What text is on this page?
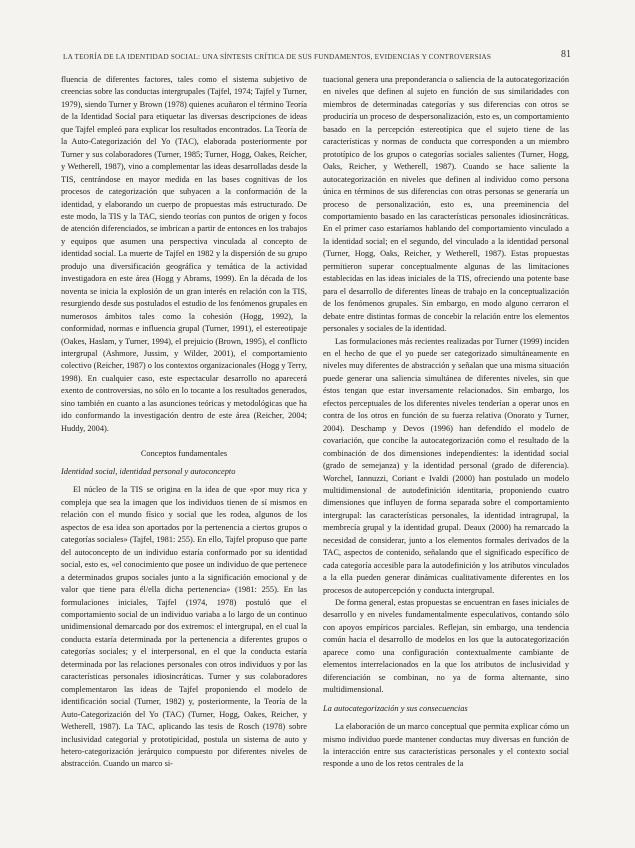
LA TEORÍA DE LA IDENTIDAD SOCIAL: UNA SÍNTESIS CRÍTICA DE SUS FUNDAMENTOS, EVIDENCIAS Y CONTROVERSIAS	81

fluencia de diferentes factores, tales como el sistema subjetivo de creencias sobre las conductas intergrupales (Tajfel, 1974; Tajfel y Turner, 1979), siendo Turner y Brown (1978) quienes acuñaron el término Teoría de la Identidad Social para etiquetar las diversas descripciones de ideas que Tajfel empleó para explicar los resultados encontrados. La Teoría de la Auto-Categorización del Yo (TAC), elaborada posteriormente por Turner y sus colaboradores (Turner, 1985; Turner, Hogg, Oakes, Reicher, y Wetherell, 1987), vino a complementar las ideas desarrolladas desde la TIS, centrándose en mayor medida en las bases cognitivas de los procesos de categorización que subyacen a la conformación de la identidad, y elaborando un cuerpo de propuestas más estructurado. De este modo, la TIS y la TAC, siendo teorías con puntos de origen y focos de atención diferenciados, se imbrican a partir de entonces en los trabajos y equipos que asumen una perspectiva vinculada al concepto de identidad social. La muerte de Tajfel en 1982 y la dispersión de su grupo produjo una diversificación geográfica y temática de la actividad investigadora en este área (Hogg y Abrams, 1999). En la década de los noventa se inicia la explosión de un gran interés en relación con la TIS, resurgiendo desde sus postulados el estudio de los fenómenos grupales en numerosos ámbitos tales como la cohesión (Hogg, 1992), la conformidad, normas e influencia grupal (Turner, 1991), el estereotipaje (Oakes, Haslam, y Turner, 1994), el prejuicio (Brown, 1995), el conflicto intergrupal (Ashmore, Jussim, y Wilder, 2001), el comportamiento colectivo (Reicher, 1987) o los contextos organizacionales (Hogg y Terry, 1998). En cualquier caso, este espectacular desarrollo no aparecerá exento de controversias, no sólo en lo tocante a los resultados generados, sino también en cuanto a las asunciones teóricas y metodológicas que ha ido conformando la investigación dentro de este área (Reicher, 2004; Huddy, 2004).

Conceptos fundamentales
Identidad social, identidad personal y autoconcepto

El núcleo de la TIS se origina en la idea de que «por muy rica y compleja que sea la imagen que los individuos tienen de sí mismos en relación con el mundo físico y social que les rodea, algunos de los aspectos de esa idea son aportados por la pertenencia a ciertos grupos o categorías sociales» (Tajfel, 1981: 255). En ello, Tajfel propuso que parte del autoconcepto de un individuo estaría conformado por su identidad social, esto es, «el conocimiento que posee un individuo de que pertenece a determinados grupos sociales junto a la significación emocional y de valor que tiene para él/ella dicha pertenencia» (1981: 255). En las formulaciones iniciales, Tajfel (1974, 1978) postuló que el comportamiento social de un individuo variaba a lo largo de un continuo unidimensional demarcado por dos extremos: el intergrupal, en el cual la conducta estaría determinada por la pertenencia a diferentes grupos o categorías sociales; y el interpersonal, en el que la conducta estaría determinada por las relaciones personales con otros individuos y por las características personales idiosincráticas. Turner y sus colaboradores complementaron las ideas de Tajfel proponiendo el modelo de identificación social (Turner, 1982) y, posteriormente, la Teoría de la Auto-Categorización del Yo (TAC) (Turner, Hogg, Oakes, Reicher, y Wetherell, 1987). La TAC, aplicando las tesis de Rosch (1978) sobre inclusividad categorial y prototipicidad, postula un sistema de auto y hetero-categorización jerárquico compuesto por diferentes niveles de abstracción. Cuando un marco si-

tuacional genera una preponderancia o saliencia de la autocategorización en niveles que definen al sujeto en función de sus similaridades con miembros de determinadas categorías y sus diferencias con otros se produciría un proceso de despersonalización, esto es, un comportamiento basado en la percepción estereotípica que el sujeto tiene de las características y normas de conducta que corresponden a un miembro prototípico de los grupos o categorías sociales salientes (Turner, Hogg, Oaks, Reicher, y Wetherell, 1987). Cuando se hace saliente la autocategorización en niveles que definen al individuo como persona única en términos de sus diferencias con otras personas se generaría un proceso de personalización, esto es, una preeminencia del comportamiento basado en las características personales idiosincráticas. En el primer caso estaríamos hablando del comportamiento vinculado a la identidad social; en el segundo, del vinculado a la identidad personal (Turner, Hogg, Oaks, Reicher, y Wetherell, 1987). Estas propuestas permitieron superar conceptualmente algunas de las limitaciones establecidas en las ideas iniciales de la TIS, ofreciendo una potente base para el desarrollo de diferentes líneas de trabajo en la conceptualización de los fenómenos grupales. Sin embargo, en modo alguno cerraron el debate entre distintas formas de concebir la relación entre los elementos personales y sociales de la identidad.

Las formulaciones más recientes realizadas por Turner (1999) inciden en el hecho de que el yo puede ser categorizado simultáneamente en niveles muy diferentes de abstracción y señalan que una misma situación puede generar una saliencia simultánea de diferentes niveles, sin que éstos tengan que estar inversamente relacionados. Sin embargo, los efectos perceptuales de los diferentes niveles tenderían a operar unos en contra de los otros en función de su fuerza relativa (Onorato y Turner, 2004). Deschamp y Devos (1996) han defendido el modelo de covariación, que concibe la autocategorización como el resultado de la combinación de dos dimensiones independientes: la identidad social (grado de semejanza) y la identidad personal (grado de diferencia). Worchel, Iannuzzi, Coriant e Ivaldi (2000) han postulado un modelo multidimensional de autodefinición identitaria, proponiendo cuatro dimensiones que influyen de forma separada sobre el comportamiento intergrupal: las características personales, la identidad intragrupal, la membrecía grupal y la identidad grupal. Deaux (2000) ha remarcado la necesidad de considerar, junto a los elementos formales derivados de la TAC, aspectos de contenido, señalando que el significado específico de cada categoría accesible para la autodefinición y los atributos vinculados a la ella pueden generar dinámicas cualitativamente diferentes en los procesos de autopercepción y conducta intergrupal.

De forma general, estas propuestas se encuentran en fases iniciales de desarrollo y en niveles fundamentalmente especulativos, contando sólo con apoyos empíricos parciales. Reflejan, sin embargo, una tendencia común hacia el desarrollo de modelos en los que la autocategorización aparece como una configuración contextualmente cambiante de elementos interrelacionados en la que los atributos de inclusividad y diferenciación se combinan, no ya de forma alternante, sino multidimensional.

La autocategorización y sus consecuencias

La elaboración de un marco conceptual que permita explicar cómo un mismo individuo puede mantener conductas muy diversas en función de la interacción entre sus características personales y el contexto social responde a uno de los retos centrales de la
